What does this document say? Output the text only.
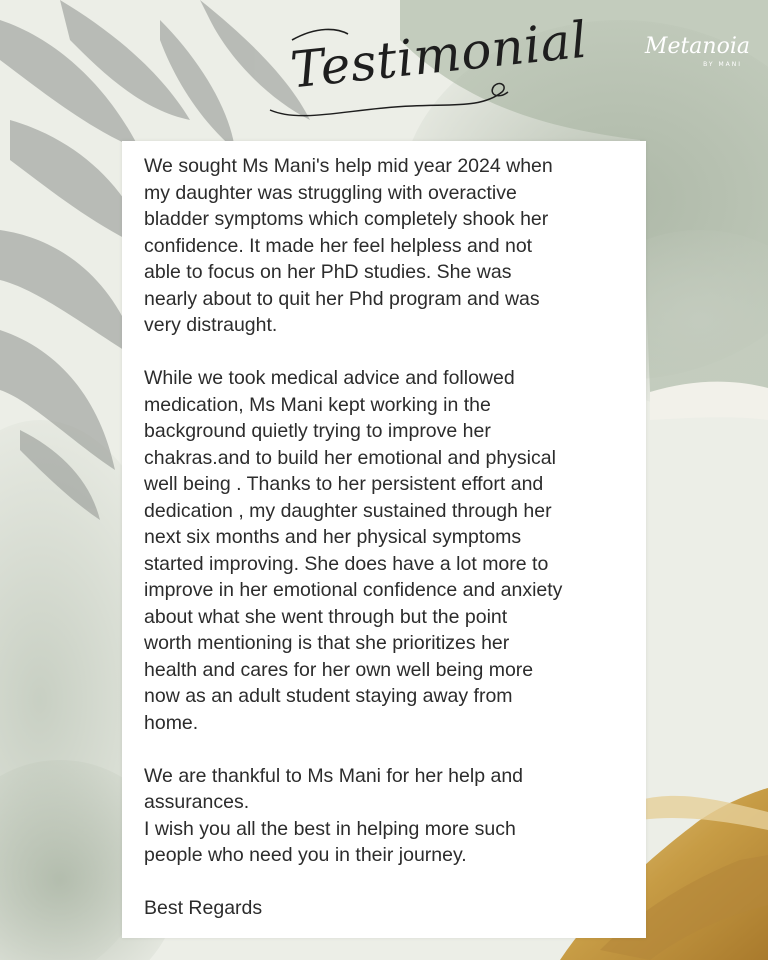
Testimonial	Metanoia
BY MANI

We sought Ms Mani's help mid year 2024 when
my daughter was struggling with overactive
bladder symptoms which completely shook her
confidence. It made her feel helpless and not
able to focus on her PhD studies. She was
nearly about to quit her Phd program and was
very distraught.

While we took medical advice and followed
medication, Ms Mani kept working in the
background quietly trying to improve her
chakras.and to build her emotional and physical
well being . Thanks to her persistent effort and
dedication , my daughter sustained through her
next six months and her physical symptoms
started improving. She does have a lot more to
improve in her emotional confidence and anxiety
about what she went through but the point
worth mentioning is that she prioritizes her
health and cares for her own well being more
now as an adult student staying away from
home.

We are thankful to Ms Mani for her help and
assurances.
I wish you all the best in helping more such
people who need you in their journey.

Best Regards
